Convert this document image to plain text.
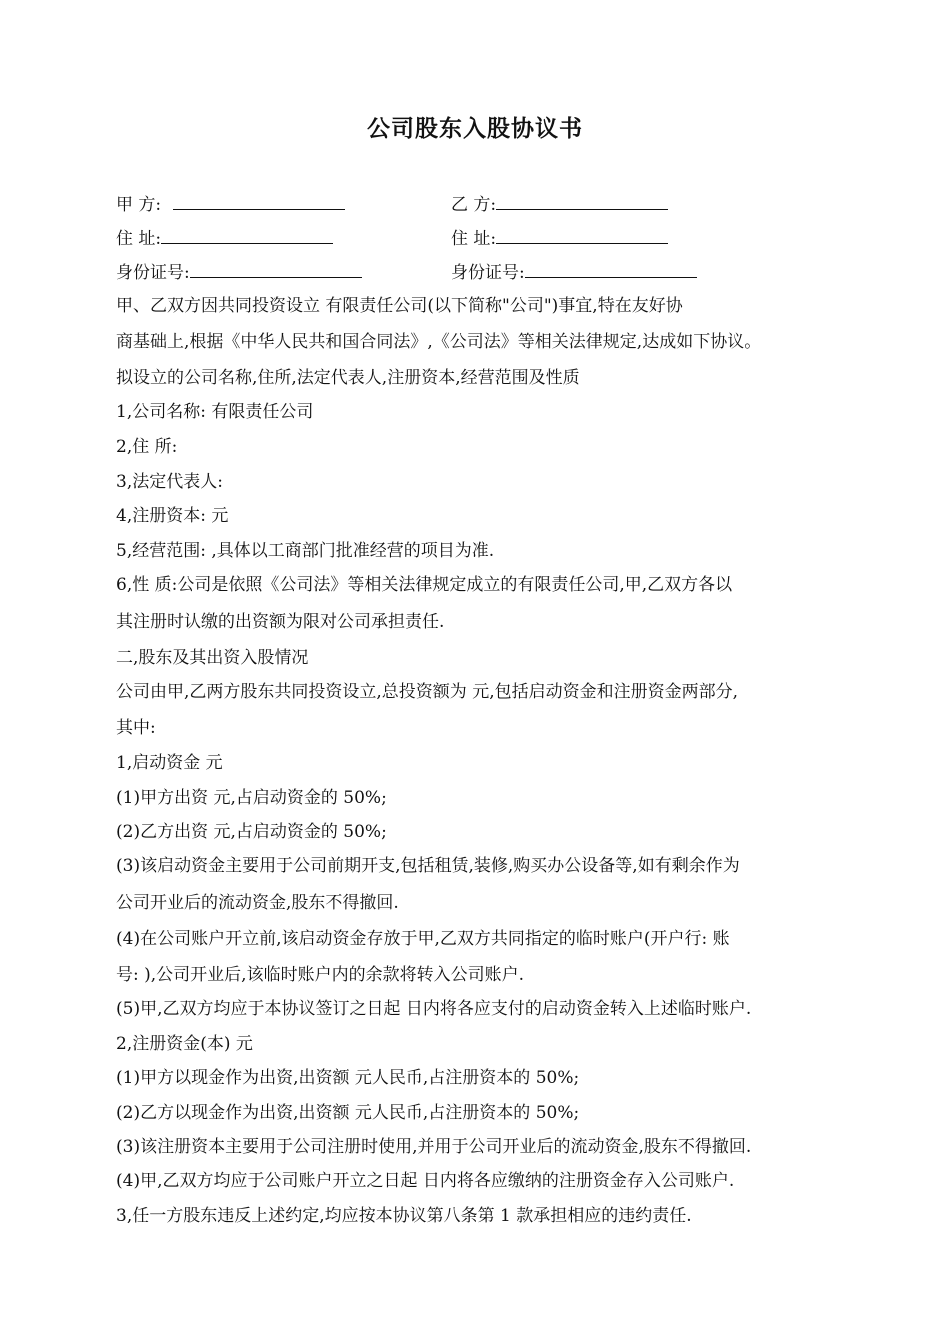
公司股东入股协议书
甲 方:	乙 方:
住 址:	住 址:
身份证号:	身份证号:
甲、乙双方因共同投资设立 有限责任公司(以下简称"公司")事宜,特在友好协
商基础上,根据《中华人民共和国合同法》,《公司法》等相关法律规定,达成如下协议。
拟设立的公司名称,住所,法定代表人,注册资本,经营范围及性质
1,公司名称: 有限责任公司
2,住 所:
3,法定代表人:
4,注册资本: 元
5,经营范围: ,具体以工商部门批准经营的项目为准.
6,性 质:公司是依照《公司法》等相关法律规定成立的有限责任公司,甲,乙双方各以
其注册时认缴的出资额为限对公司承担责任.
二,股东及其出资入股情况
公司由甲,乙两方股东共同投资设立,总投资额为 元,包括启动资金和注册资金两部分,
其中:
1,启动资金 元
(1)甲方出资 元,占启动资金的 50%;
(2)乙方出资 元,占启动资金的 50%;
(3)该启动资金主要用于公司前期开支,包括租赁,装修,购买办公设备等,如有剩余作为
公司开业后的流动资金,股东不得撤回.
(4)在公司账户开立前,该启动资金存放于甲,乙双方共同指定的临时账户(开户行: 账
号: ),公司开业后,该临时账户内的余款将转入公司账户.
(5)甲,乙双方均应于本协议签订之日起 日内将各应支付的启动资金转入上述临时账户.
2,注册资金(本) 元
(1)甲方以现金作为出资,出资额 元人民币,占注册资本的 50%;
(2)乙方以现金作为出资,出资额 元人民币,占注册资本的 50%;
(3)该注册资本主要用于公司注册时使用,并用于公司开业后的流动资金,股东不得撤回.
(4)甲,乙双方均应于公司账户开立之日起 日内将各应缴纳的注册资金存入公司账户.
3,任一方股东违反上述约定,均应按本协议第八条第 1 款承担相应的违约责任.
